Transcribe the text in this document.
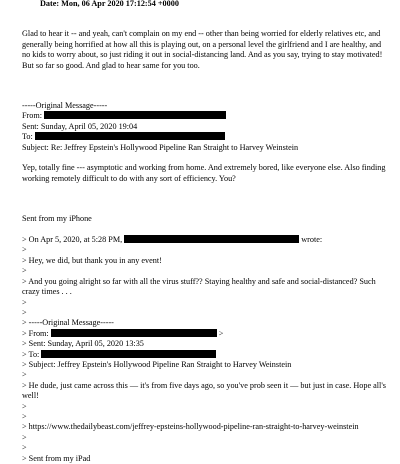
Date: Mon, 06 Apr 2020 17:12:54 +0000

Glad to hear it -- and yeah, can't complain on my end -- other than being worried for elderly relatives etc, and generally being horrified at how all this is playing out, on a personal level the girlfriend and I are healthy, and no kids to worry about, so just riding it out in social-distancing land. And as you say, trying to stay motivated! But so far so good. And glad to hear same for you too.

-----Original Message-----
From:
Sent: Sunday, April 05, 2020 19:04
To:
Subject: Re: Jeffrey Epstein's Hollywood Pipeline Ran Straight to Harvey Weinstein

Yep, totally fine --- asymptotic and working from home. And extremely bored, like everyone else. Also finding working remotely difficult to do with any sort of efficiency. You?

Sent from my iPhone
> On Apr 5, 2020, at 5:28 PM,	wrote:
>
> Hey, we did, but thank you in any event!
>

> And you going alright so far with all the virus stuff?? Staying healthy and safe and social-distanced? Such crazy times . . .

>
>
> -----Original Message-----
> From:	>
> Sent: Sunday, April 05, 2020 13:35
> To:
> Subject: Jeffrey Epstein's Hollywood Pipeline Ran Straight to Harvey Weinstein
>

> He dude, just came across this — it's from five days ago, so you've prob seen it — but just in case. Hope all's well!

>
>
> https://www.thedailybeast.com/jeffrey-epsteins-hollywood-pipeline-ran-straight-to-harvey-weinstein
>
>
> Sent from my iPad
